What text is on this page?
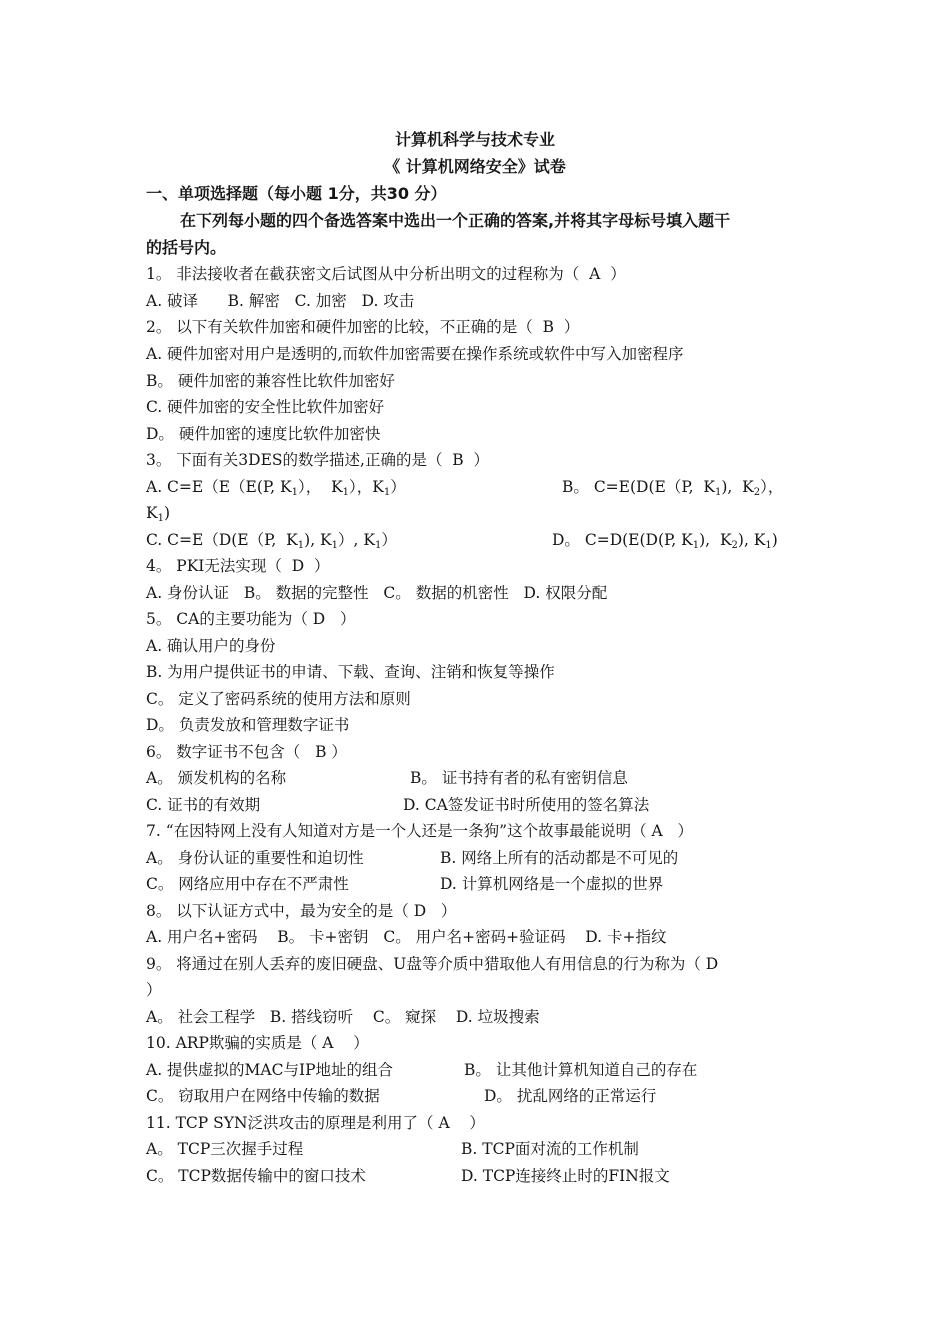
计算机科学与技术专业
《 计算机网络安全》试卷
一、单项选择题（每小题 1分，共30 分）
在下列每小题的四个备选答案中选出一个正确的答案,并将其字母标号填入题干
的括号内。
1。 非法接收者在截获密文后试图从中分析出明文的过程称为（  A  ）
A. 破译      B. 解密   C. 加密   D. 攻击
2。 以下有关软件加密和硬件加密的比较，不正确的是（  B  ）
A. 硬件加密对用户是透明的,而软件加密需要在操作系统或软件中写入加密程序
B。 硬件加密的兼容性比软件加密好
C. 硬件加密的安全性比软件加密好
D。 硬件加密的速度比软件加密快
3。 下面有关3DES的数学描述,正确的是（  B  ）
A. C=E（E（E(P, $K_1$），  $K_1$），$K_1$）	B。 C=E(D(E（P,  $K_1$),  $K_2$），
$K_1$)
C. C=E（D(E（P,  $K_1$), $K_1$）, $K_1$）	D。 C=D(E(D(P, $K_1$),  $K_2$), $K_1$)
4。 PKI无法实现（  D  ）
A. 身份认证   B。 数据的完整性   C。 数据的机密性   D. 权限分配
5。 CA的主要功能为（ D   ）
A. 确认用户的身份
B. 为用户提供证书的申请、下载、查询、注销和恢复等操作
C。 定义了密码系统的使用方法和原则
D。 负责发放和管理数字证书
6。 数字证书不包含（   B ）
A。 颁发机构的名称	B。 证书持有者的私有密钥信息
C. 证书的有效期	D. CA签发证书时所使用的签名算法
7. “在因特网上没有人知道对方是一个人还是一条狗”这个故事最能说明（ A   ）
A。 身份认证的重要性和迫切性	B. 网络上所有的活动都是不可见的
C。 网络应用中存在不严肃性	D. 计算机网络是一个虚拟的世界
8。 以下认证方式中，最为安全的是（ D   ）
A. 用户名+密码    B。 卡+密钥   C。 用户名+密码+验证码    D. 卡+指纹
9。 将通过在别人丢弃的废旧硬盘、U盘等介质中猎取他人有用信息的行为称为（ D
）
A。 社会工程学   B. 搭线窃听    C。 窥探    D. 垃圾搜索
10. ARP欺骗的实质是（ A    ）
A. 提供虚拟的MAC与IP地址的组合	B。 让其他计算机知道自己的存在
C。 窃取用户在网络中传输的数据	D。 扰乱网络的正常运行
11. TCP SYN泛洪攻击的原理是利用了（ A    ）
A。 TCP三次握手过程	B. TCP面对流的工作机制
C。 TCP数据传输中的窗口技术	D. TCP连接终止时的FIN报文
